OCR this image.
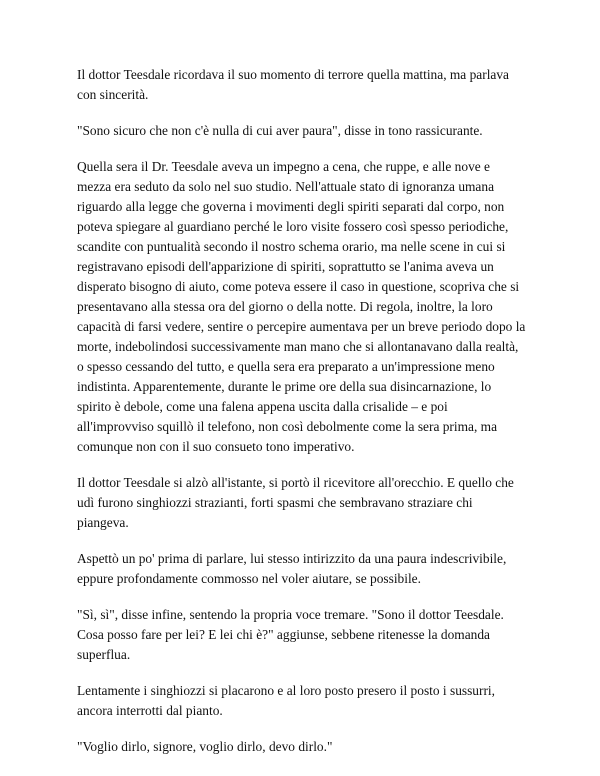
Il dottor Teesdale ricordava il suo momento di terrore quella mattina, ma parlava con sincerità.

"Sono sicuro che non c'è nulla di cui aver paura", disse in tono rassicurante.

Quella sera il Dr. Teesdale aveva un impegno a cena, che ruppe, e alle nove e mezza era seduto da solo nel suo studio. Nell'attuale stato di ignoranza umana riguardo alla legge che governa i movimenti degli spiriti separati dal corpo, non poteva spiegare al guardiano perché le loro visite fossero così spesso periodiche, scandite con puntualità secondo il nostro schema orario, ma nelle scene in cui si registravano episodi dell'apparizione di spiriti, soprattutto se l'anima aveva un disperato bisogno di aiuto, come poteva essere il caso in questione, scopriva che si presentavano alla stessa ora del giorno o della notte. Di regola, inoltre, la loro capacità di farsi vedere, sentire o percepire aumentava per un breve periodo dopo la morte, indebolindosi successivamente man mano che si allontanavano dalla realtà, o spesso cessando del tutto, e quella sera era preparato a un'impressione meno indistinta. Apparentemente, durante le prime ore della sua disincarnazione, lo spirito è debole, come una falena appena uscita dalla crisalide – e poi all'improvviso squillò il telefono, non così debolmente come la sera prima, ma comunque non con il suo consueto tono imperativo.

Il dottor Teesdale si alzò all'istante, si portò il ricevitore all'orecchio. E quello che udì furono singhiozzi strazianti, forti spasmi che sembravano straziare chi piangeva.

Aspettò un po' prima di parlare, lui stesso intirizzito da una paura indescrivibile, eppure profondamente commosso nel voler aiutare, se possibile.

"Sì, sì", disse infine, sentendo la propria voce tremare. "Sono il dottor Teesdale. Cosa posso fare per lei? E lei chi è?" aggiunse, sebbene ritenesse la domanda superflua.

Lentamente i singhiozzi si placarono e al loro posto presero il posto i sussurri, ancora interrotti dal pianto.

"Voglio dirlo, signore, voglio dirlo, devo dirlo."
